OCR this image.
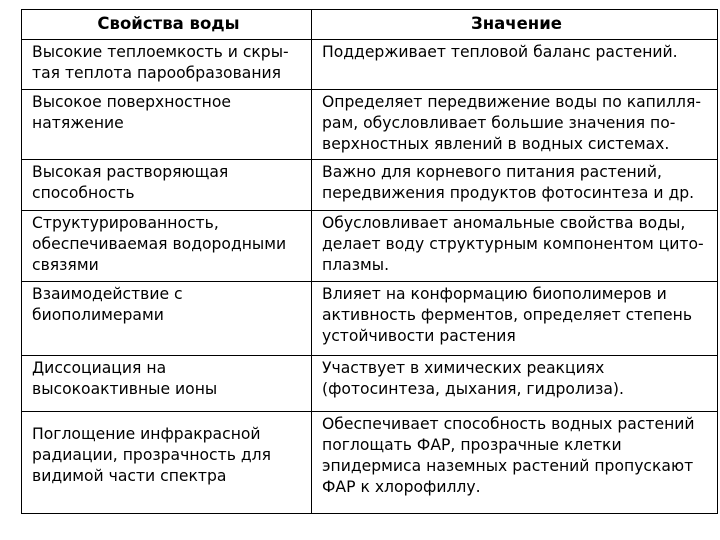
Свойства воды	Значение

Высокие теплоемкость и скры-
тая теплота парообразования	Поддерживает тепловой баланс растений.

Высокое поверхностное
натяжение	Определяет передвижение воды по капилля-
рам, обусловливает большие значения по-
верхностных явлений в водных системах.

Высокая растворяющая
способность	Важно для корневого питания растений,
передвижения продуктов фотосинтеза и др.

Структурированность,
обеспечиваемая водородными
связями	Обусловливает аномальные свойства воды,
делает воду структурным компонентом цито-
плазмы.

Взаимодействие с
биополимерами	Влияет на конформацию биополимеров и
активность ферментов, определяет степень
устойчивости растения

Диссоциация на
высокоактивные ионы	Участвует в химических реакциях
(фотосинтеза, дыхания, гидролиза).

Поглощение инфракрасной
радиации, прозрачность для
видимой части спектра	Обеспечивает способность водных растений
поглощать ФАР, прозрачные клетки
эпидермиса наземных растений пропускают
ФАР к хлорофиллу.
